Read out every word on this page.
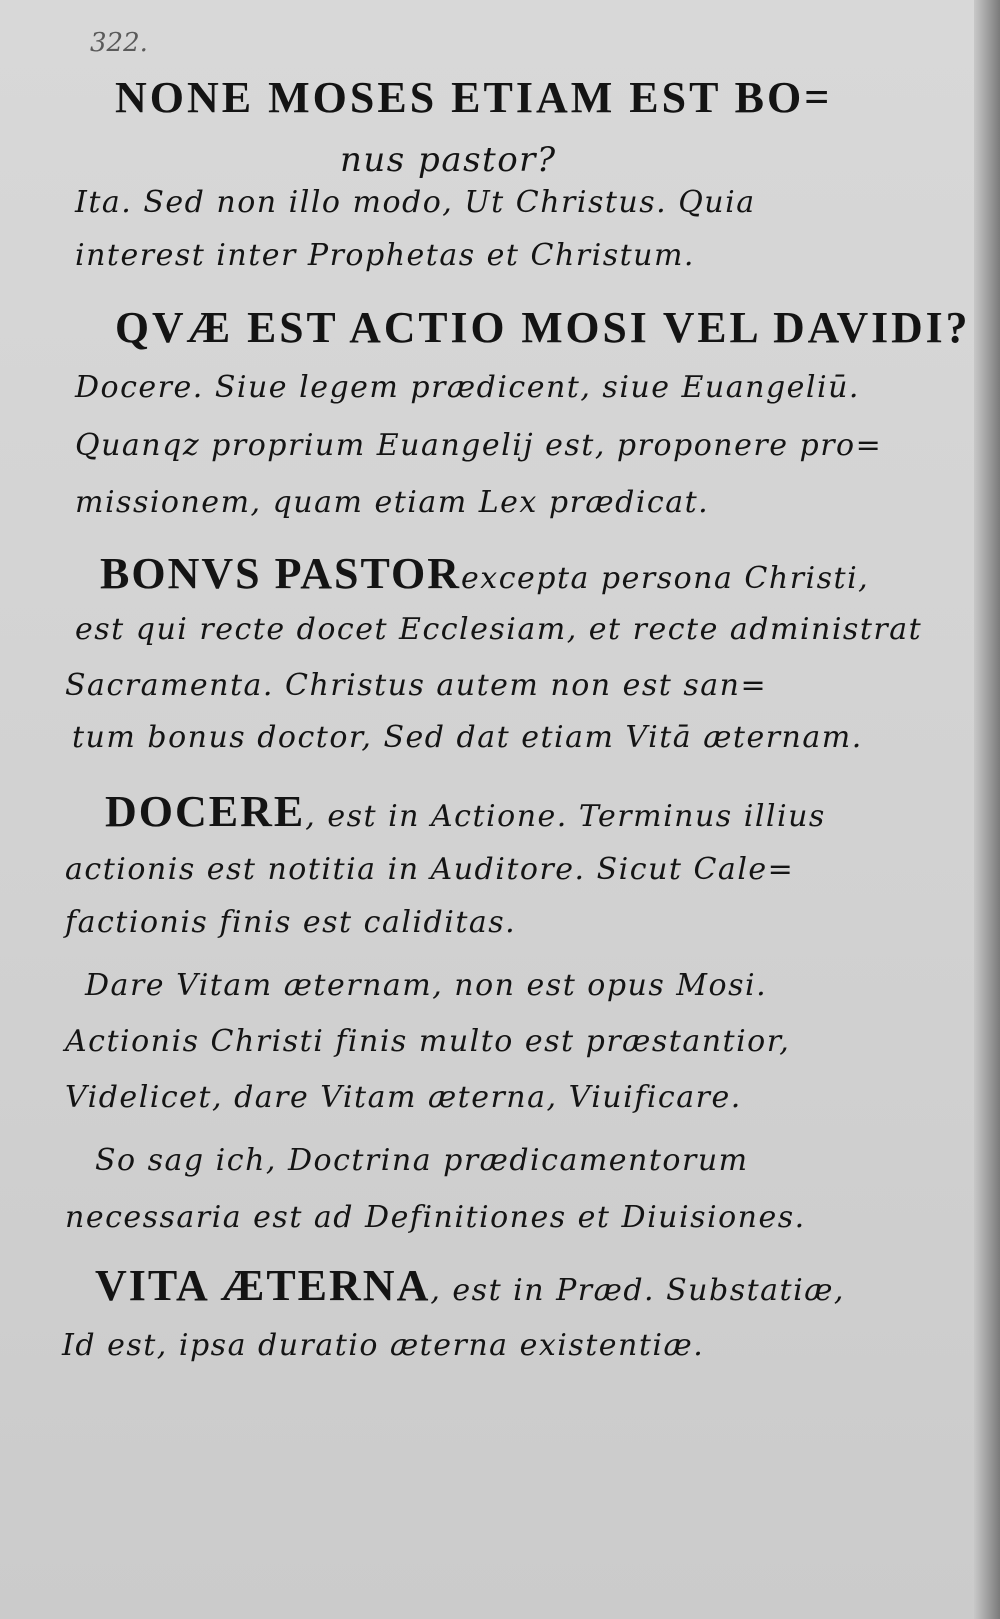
322.
NONE MOSES ETIAM EST BO=
nus pastor?
Ita. Sed non illo modo, Ut Christus. Quia
interest inter Prophetas et Christum.
QVÆ EST ACTIO MOSI VEL DAVIDI?
Docere. Siue legem prædicent, siue Euangeliū.
Quanqz proprium Euangelij est, proponere pro=
missionem, quam etiam Lex prædicat.
BONVS PASTORexcepta persona Christi,
est qui recte docet Ecclesiam, et recte administrat
Sacramenta. Christus autem non est san=
tum bonus doctor, Sed dat etiam Vitā æternam.
DOCERE, est in Actione. Terminus illius
actionis est notitia in Auditore. Sicut Cale=
factionis finis est caliditas.
Dare Vitam æternam, non est opus Mosi.
Actionis Christi finis multo est præstantior,
Videlicet, dare Vitam æterna, Viuificare.
So sag ich, Doctrina prædicamentorum
necessaria est ad Definitiones et Diuisiones.
VITA ÆTERNA, est in Præd. Substatiæ,
Id est, ipsa duratio æterna existentiæ.
